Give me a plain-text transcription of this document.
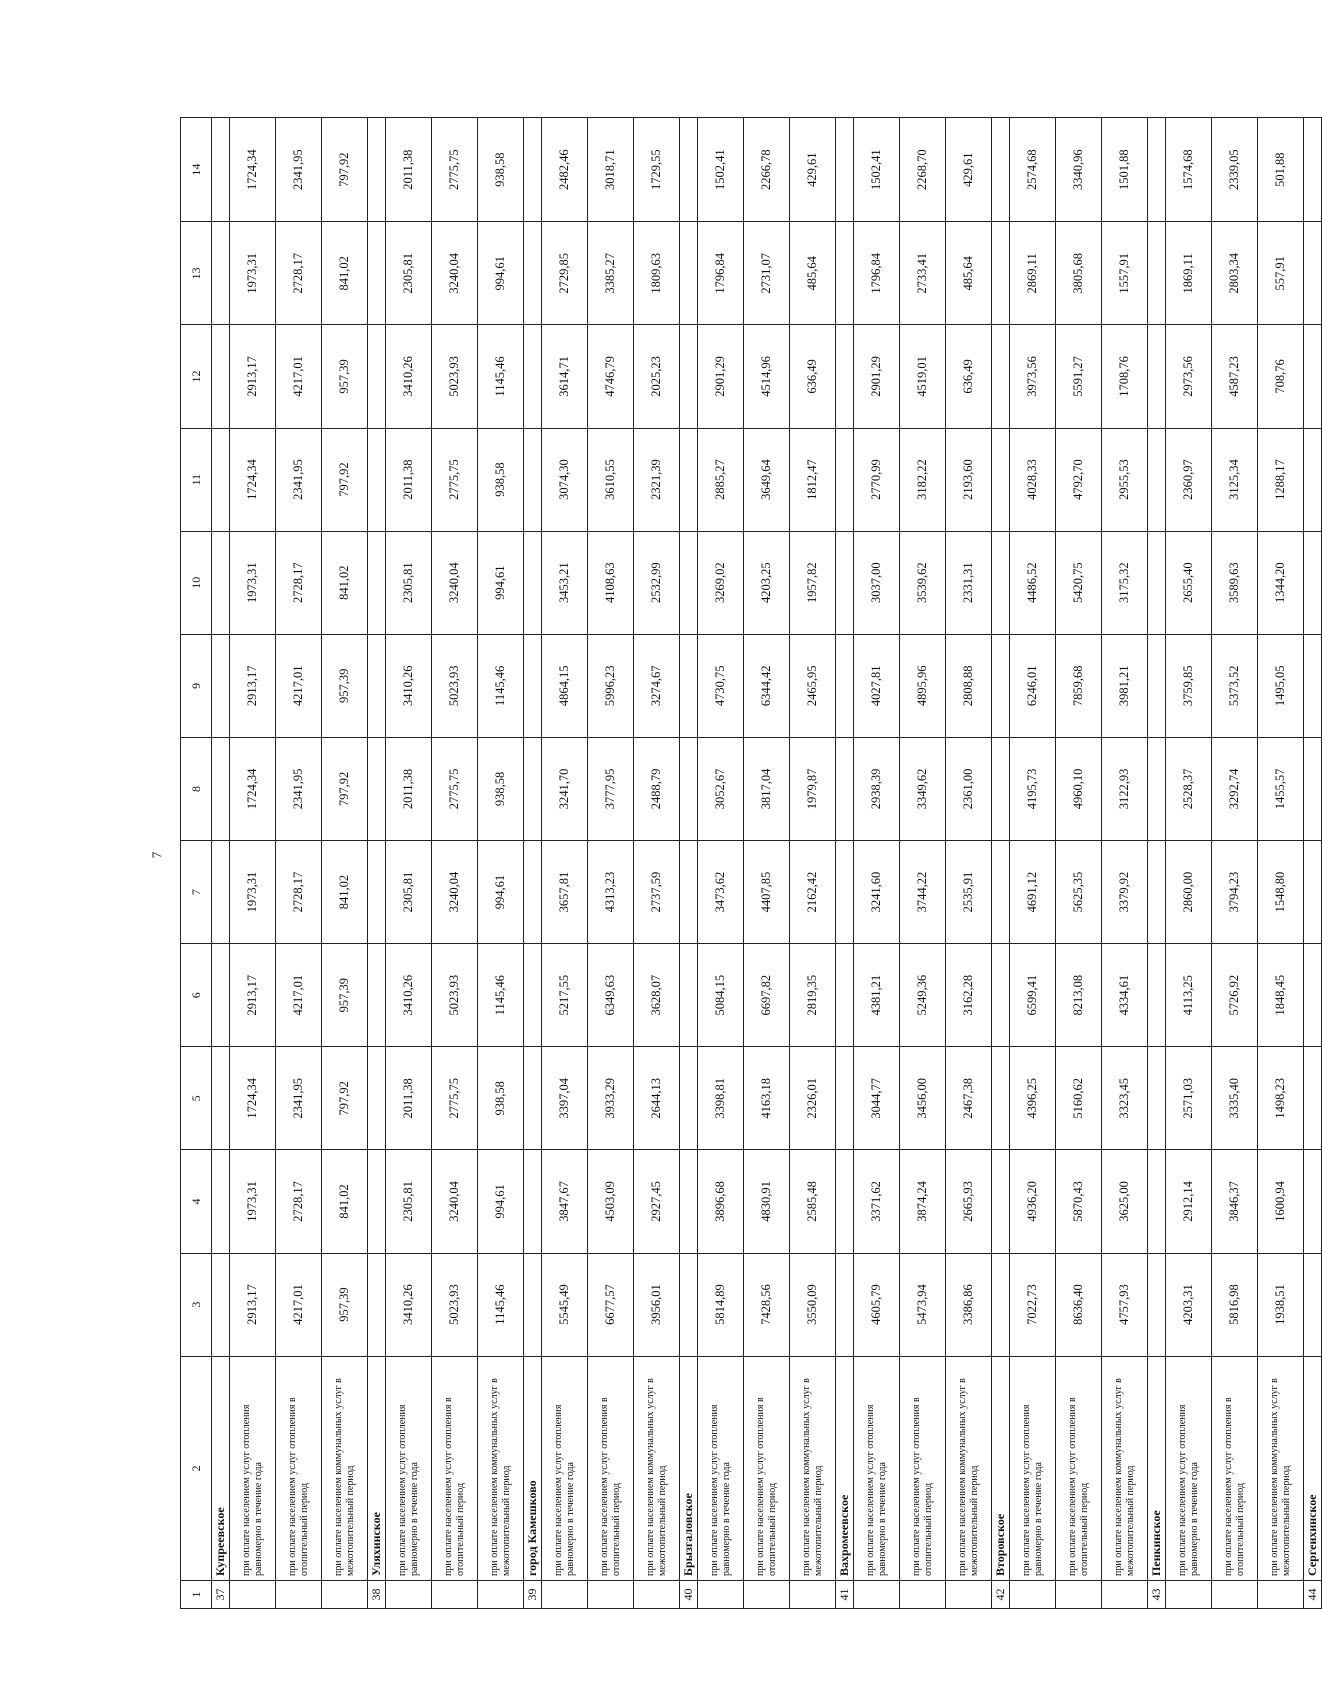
7
1	2	3	4	5	6	7	8	9	10	11	12	13	14
37	Купреевское												
	при оплате населением услуг отопления равномерно в течение года	2913,17	1973,31	1724,34	2913,17	1973,31	1724,34	2913,17	1973,31	1724,34	2913,17	1973,31	1724,34
	при оплате населением услуг отопления в отопительный период	4217,01	2728,17	2341,95	4217,01	2728,17	2341,95	4217,01	2728,17	2341,95	4217,01	2728,17	2341,95
	при оплате населением коммунальных услуг в межотопительный период	957,39	841,02	797,92	957,39	841,02	797,92	957,39	841,02	797,92	957,39	841,02	797,92
38	Уляхинское												
	при оплате населением услуг отопления равномерно в течение года	3410,26	2305,81	2011,38	3410,26	2305,81	2011,38	3410,26	2305,81	2011,38	3410,26	2305,81	2011,38
	при оплате населением услуг отопления в отопительный период	5023,93	3240,04	2775,75	5023,93	3240,04	2775,75	5023,93	3240,04	2775,75	5023,93	3240,04	2775,75
	при оплате населением коммунальных услуг в межотопительный период	1145,46	994,61	938,58	1145,46	994,61	938,58	1145,46	994,61	938,58	1145,46	994,61	938,58
39	город Камешково												
	при оплате населением услуг отопления равномерно в течение года	5545,49	3847,67	3397,04	5217,55	3657,81	3241,70	4864,15	3453,21	3074,30	3614,71	2729,85	2482,46
	при оплате населением услуг отопления в отопительный период	6677,57	4503,09	3933,29	6349,63	4313,23	3777,95	5996,23	4108,63	3610,55	4746,79	3385,27	3018,71
	при оплате населением коммунальных услуг в межотопительный период	3956,01	2927,45	2644,13	3628,07	2737,59	2488,79	3274,67	2532,99	2321,39	2025,23	1809,63	1729,55
40	Брызгаловское												
	при оплате населением услуг отопления равномерно в течение года	5814,89	3896,68	3398,81	5084,15	3473,62	3052,67	4730,75	3269,02	2885,27	2901,29	1796,84	1502,41
	при оплате населением услуг отопления в отопительный период	7428,56	4830,91	4163,18	6697,82	4407,85	3817,04	6344,42	4203,25	3649,64	4514,96	2731,07	2266,78
	при оплате населением коммунальных услуг в межотопительный период	3550,09	2585,48	2326,01	2819,35	2162,42	1979,87	2465,95	1957,82	1812,47	636,49	485,64	429,61
41	Вахромеевское												
	при оплате населением услуг отопления равномерно в течение года	4605,79	3371,62	3044,77	4381,21	3241,60	2938,39	4027,81	3037,00	2770,99	2901,29	1796,84	1502,41
	при оплате населением услуг отопления в отопительный период	5473,94	3874,24	3456,00	5249,36	3744,22	3349,62	4895,96	3539,62	3182,22	4519,01	2733,41	2268,70
	при оплате населением коммунальных услуг в межотопительный период	3386,86	2665,93	2467,38	3162,28	2535,91	2361,00	2808,88	2331,31	2193,60	636,49	485,64	429,61
42	Второвское												
	при оплате населением услуг отопления равномерно в течение года	7022,73	4936,20	4396,25	6599,41	4691,12	4195,73	6246,01	4486,52	4028,33	3973,56	2869,11	2574,68
	при оплате населением услуг отопления в отопительный период	8636,40	5870,43	5160,62	8213,08	5625,35	4960,10	7859,68	5420,75	4792,70	5591,27	3805,68	3340,96
	при оплате населением коммунальных услуг в межотопительный период	4757,93	3625,00	3323,45	4334,61	3379,92	3122,93	3981,21	3175,32	2955,53	1708,76	1557,91	1501,88
43	Пенкинское												
	при оплате населением услуг отопления равномерно в течение года	4203,31	2912,14	2571,03	4113,25	2860,00	2528,37	3759,85	2655,40	2360,97	2973,56	1869,11	1574,68
	при оплате населением услуг отопления в отопительный период	5816,98	3846,37	3335,40	5726,92	3794,23	3292,74	5373,52	3589,63	3125,34	4587,23	2803,34	2339,05
	при оплате населением коммунальных услуг в межотопительный период	1938,51	1600,94	1498,23	1848,45	1548,80	1455,57	1495,05	1344,20	1288,17	708,76	557,91	501,88
44	Сергеихинское												
